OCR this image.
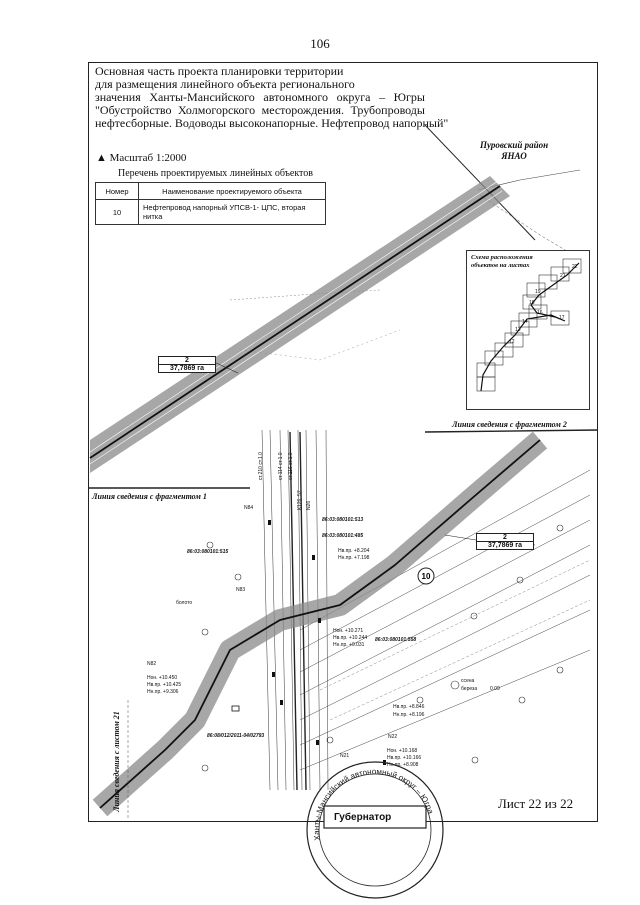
106
Основная часть проекта планировки территории
для размещения линейного объекта регионального
значения Ханты-Мансийского автономного округа – Югры
"Обустройство Холмогорского месторождения. Трубопроводы
нефтесборные. Водоводы высоконапорные. Нефтепровод напорный"
Пуровский район
ЯНАО
10
N84
N83
N82
N22
N21
86:03:080101:513
86:03:080101:485
86:03:080101:515
86:03:080101:558
86:08/012/2011-04/02793
Нв.пр. +8.204
Нн.пр. +7.198
Нон. +10.271
Нв.пр. +10.244
Нн.пр. +9.031
Нон. +10.450
Нв.пр. +10.425
Нн.пр. +9.306
Нв.пр. +8.846
Нн.пр. +8.196
Нон. +10.168
Нв.пр. +10.166
Нн.пр. +8.908
болото
ссена
береза	0.09
ст.210 ст.1.0	ст.114 ст.1.0 ст.116 ст.1.0
К126, 57 N26
Ханты-Мансийский автономный округ – Югра
▲ Масштаб 1:2000
Перечень проектируемых линейных объектов
Номер	Наименование проектируемого объекта
10	Нефтепровод напорный УПСВ-1- ЦПС, вторая нитка
2
37,7869 га
2
37,7869 га
Схема расположения
объектов на листах	22
21
19
18
16
17
14
13
12
Линия сведения с фрагментом 2
Линия сведения с фрагментом 1
Линия сведения с листом 21	Лист 22 из 22
Губернатор
